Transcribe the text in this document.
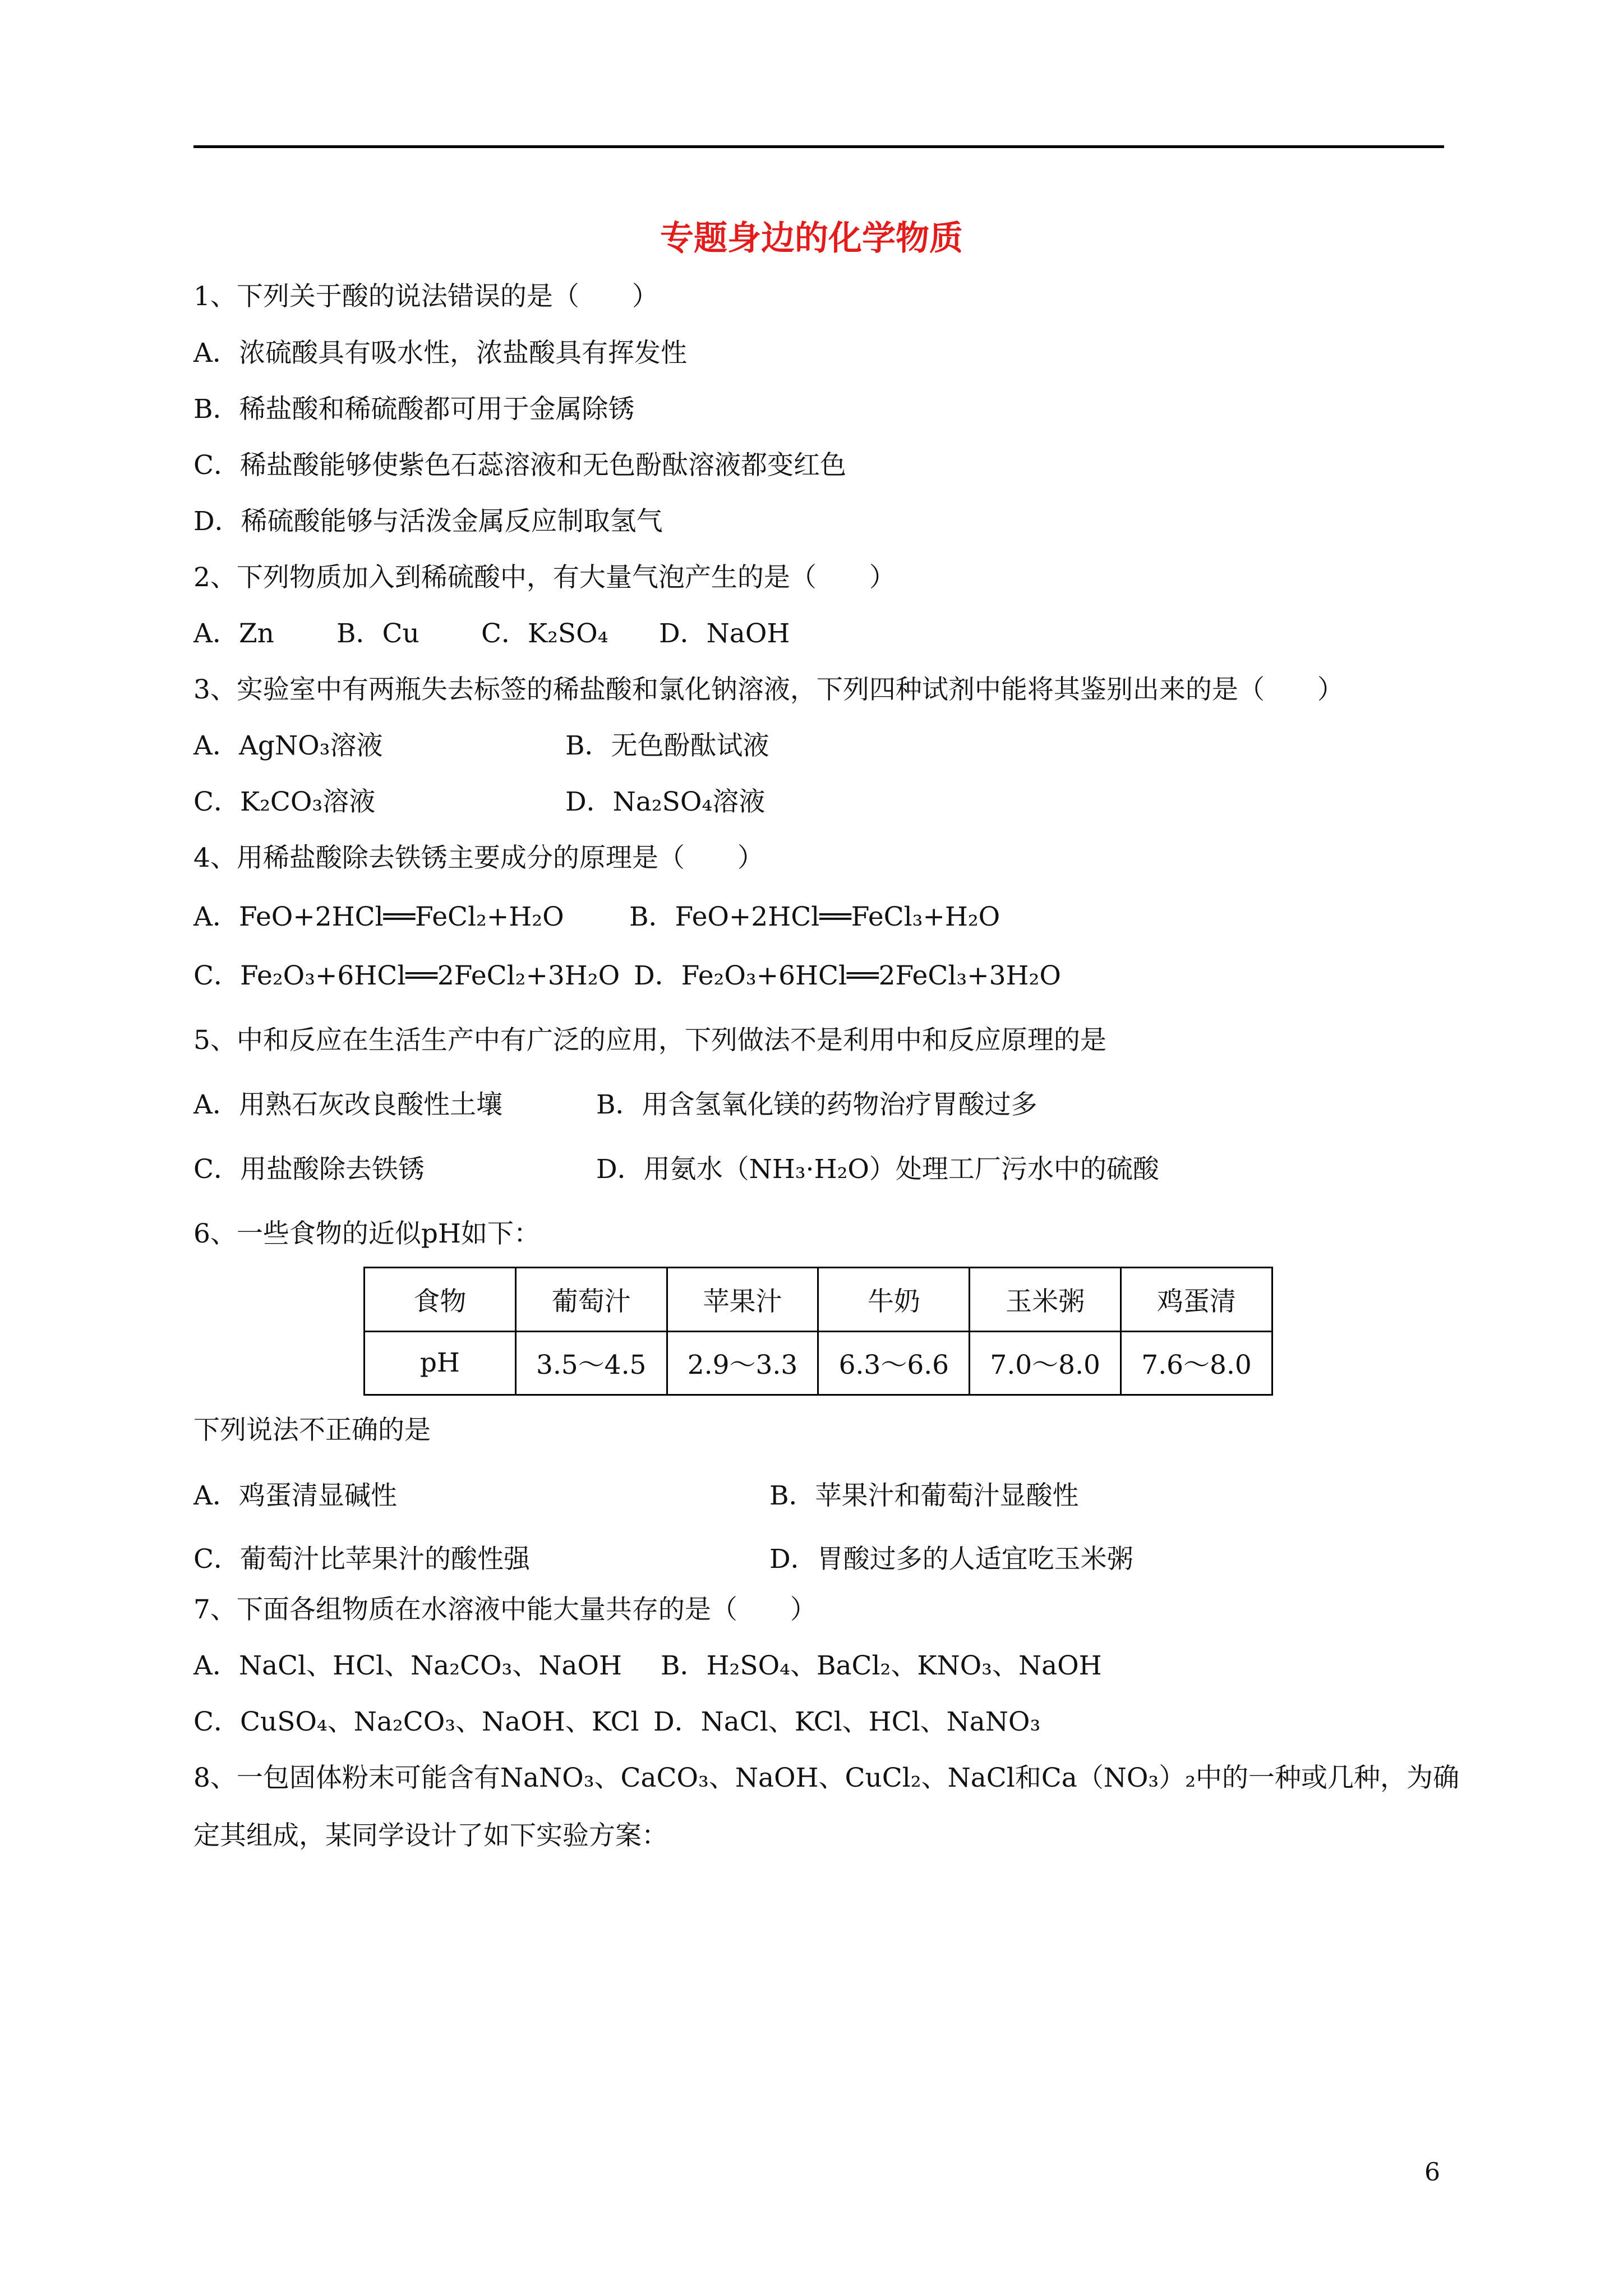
专题身边的化学物质
1、下列关于酸的说法错误的是（　　）
A．浓硫酸具有吸水性，浓盐酸具有挥发性
B．稀盐酸和稀硫酸都可用于金属除锈
C．稀盐酸能够使紫色石蕊溶液和无色酚酞溶液都变红色
D．稀硫酸能够与活泼金属反应制取氢气
2、下列物质加入到稀硫酸中，有大量气泡产生的是（　　）
A．Zn B．Cu C．K₂SO₄ D．NaOH
3、实验室中有两瓶失去标签的稀盐酸和氯化钠溶液，下列四种试剂中能将其鉴别出来的是（　　）
A．AgNO₃溶液	B．无色酚酞试液
C．K₂CO₃溶液	D．Na₂SO₄溶液
4、用稀盐酸除去铁锈主要成分的原理是（　　）
A．FeO+2HCl══FeCl₂+H₂O B．FeO+2HCl══FeCl₃+H₂O
C．Fe₂O₃+6HCl══2FeCl₂+3H₂O D．Fe₂O₃+6HCl══2FeCl₃+3H₂O
5、中和反应在生活生产中有广泛的应用，下列做法不是利用中和反应原理的是
A．用熟石灰改良酸性土壤	B．用含氢氧化镁的药物治疗胃酸过多
C．用盐酸除去铁锈	D．用氨水（NH₃·H₂O）处理工厂污水中的硫酸
6、一些食物的近似pH如下：
食物	葡萄汁	苹果汁	牛奶	玉米粥	鸡蛋清
pH	3.5～4.5	2.9～3.3	6.3～6.6	7.0～8.0	7.6～8.0
下列说法不正确的是
A．鸡蛋清显碱性	B．苹果汁和葡萄汁显酸性
C．葡萄汁比苹果汁的酸性强	D．胃酸过多的人适宜吃玉米粥
7、下面各组物质在水溶液中能大量共存的是（　　）
A．NaCl、HCl、Na₂CO₃、NaOH B．H₂SO₄、BaCl₂、KNO₃、NaOH
C．CuSO₄、Na₂CO₃、NaOH、KCl D．NaCl、KCl、HCl、NaNO₃
8、一包固体粉末可能含有NaNO₃、CaCO₃、NaOH、CuCl₂、NaCl和Ca（NO₃）₂中的一种或几种，为确
定其组成，某同学设计了如下实验方案：
6
